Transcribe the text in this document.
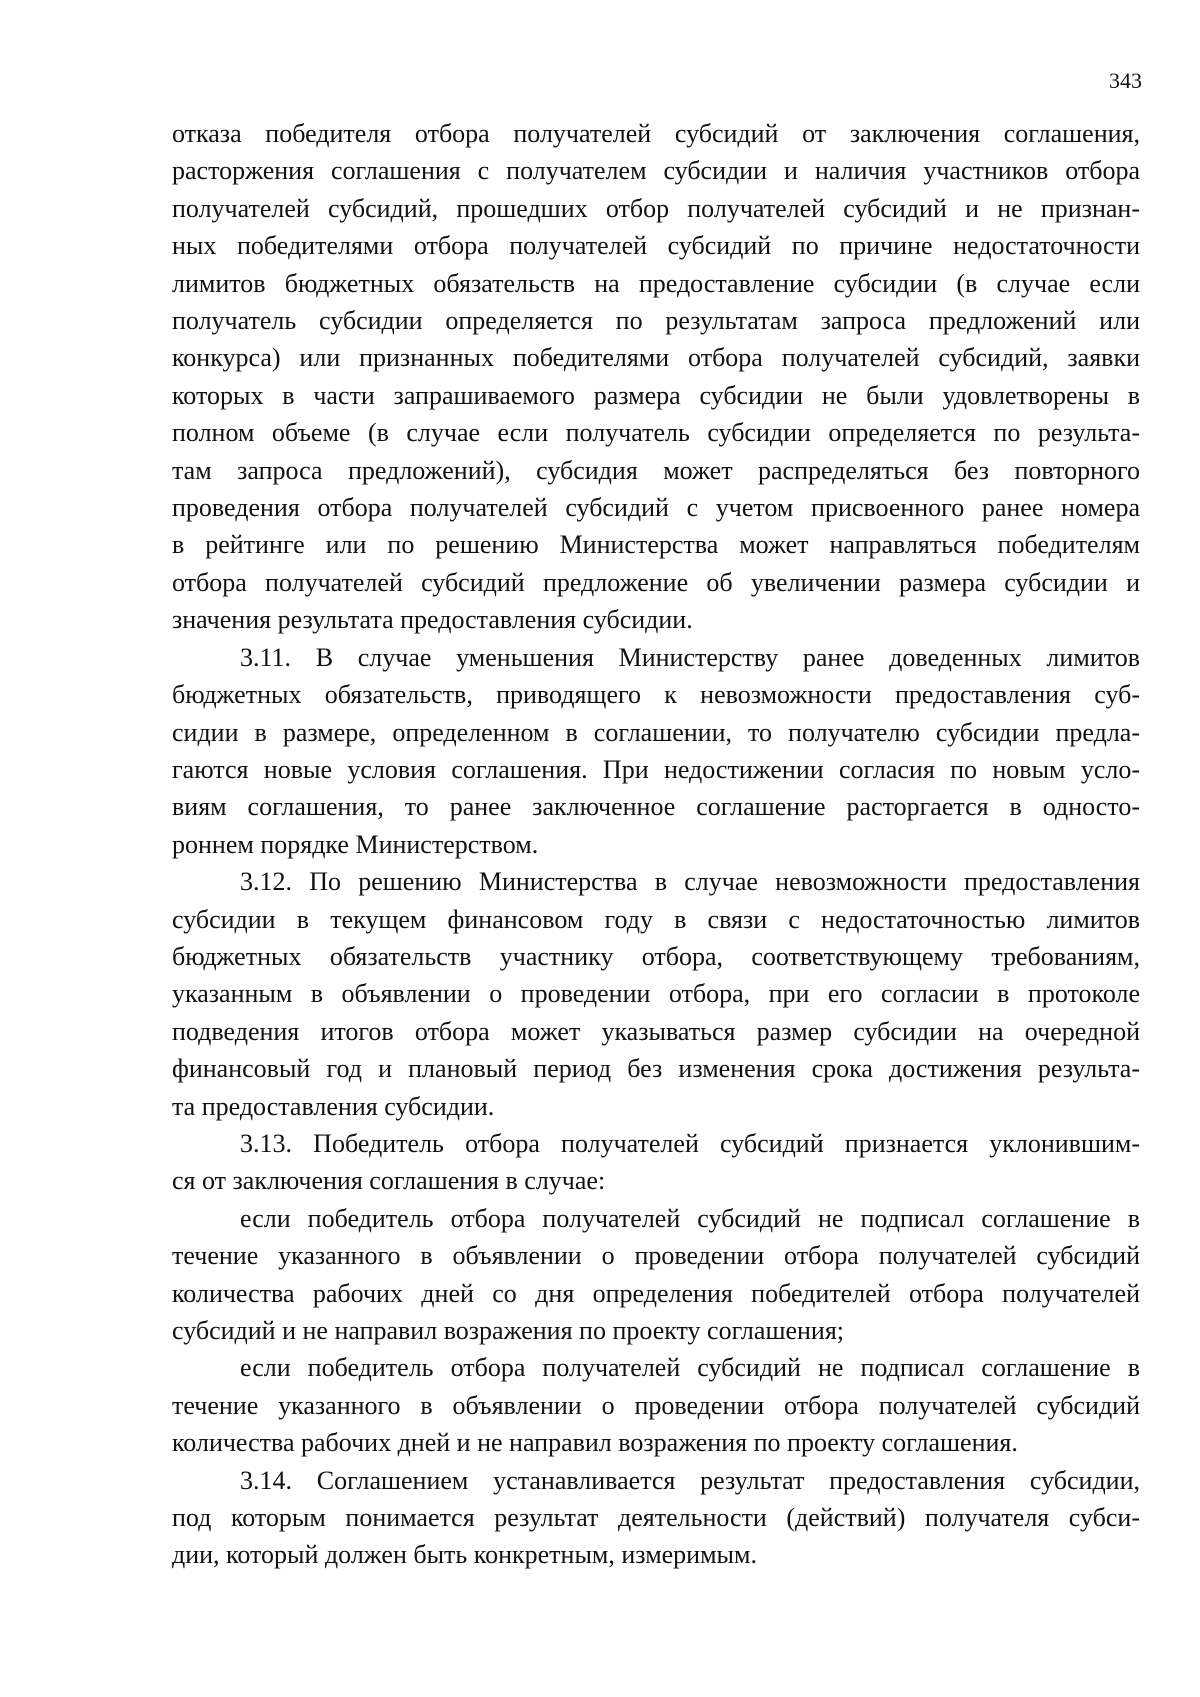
343
отказа победителя отбора получателей субсидий от заключения соглашения,
расторжения соглашения с получателем субсидии и наличия участников отбора
получателей субсидий, прошедших отбор получателей субсидий и не признан-
ных победителями отбора получателей субсидий по причине недостаточности
лимитов бюджетных обязательств на предоставление субсидии (в случае если
получатель субсидии определяется по результатам запроса предложений или
конкурса) или признанных победителями отбора получателей субсидий, заявки
которых в части запрашиваемого размера субсидии не были удовлетворены в
полном объеме (в случае если получатель субсидии определяется по результа-
там запроса предложений), субсидия может распределяться без повторного
проведения отбора получателей субсидий с учетом присвоенного ранее номера
в рейтинге или по решению Министерства может направляться победителям
отбора получателей субсидий предложение об увеличении размера субсидии и
значения результата предоставления субсидии.
3.11. В случае уменьшения Министерству ранее доведенных лимитов
бюджетных обязательств, приводящего к невозможности предоставления суб-
сидии в размере, определенном в соглашении, то получателю субсидии предла-
гаются новые условия соглашения. При недостижении согласия по новым усло-
виям соглашения, то ранее заключенное соглашение расторгается в односто-
роннем порядке Министерством.
3.12. По решению Министерства в случае невозможности предоставления
субсидии в текущем финансовом году в связи с недостаточностью лимитов
бюджетных обязательств участнику отбора, соответствующему требованиям,
указанным в объявлении о проведении отбора, при его согласии в протоколе
подведения итогов отбора может указываться размер субсидии на очередной
финансовый год и плановый период без изменения срока достижения результа-
та предоставления субсидии.
3.13. Победитель отбора получателей субсидий признается уклонившим-
ся от заключения соглашения в случае:
если победитель отбора получателей субсидий не подписал соглашение в
течение указанного в объявлении о проведении отбора получателей субсидий
количества рабочих дней со дня определения победителей отбора получателей
субсидий и не направил возражения по проекту соглашения;
если победитель отбора получателей субсидий не подписал соглашение в
течение указанного в объявлении о проведении отбора получателей субсидий
количества рабочих дней и не направил возражения по проекту соглашения.
3.14. Соглашением устанавливается результат предоставления субсидии,
под которым понимается результат деятельности (действий) получателя субси-
дии, который должен быть конкретным, измеримым.
